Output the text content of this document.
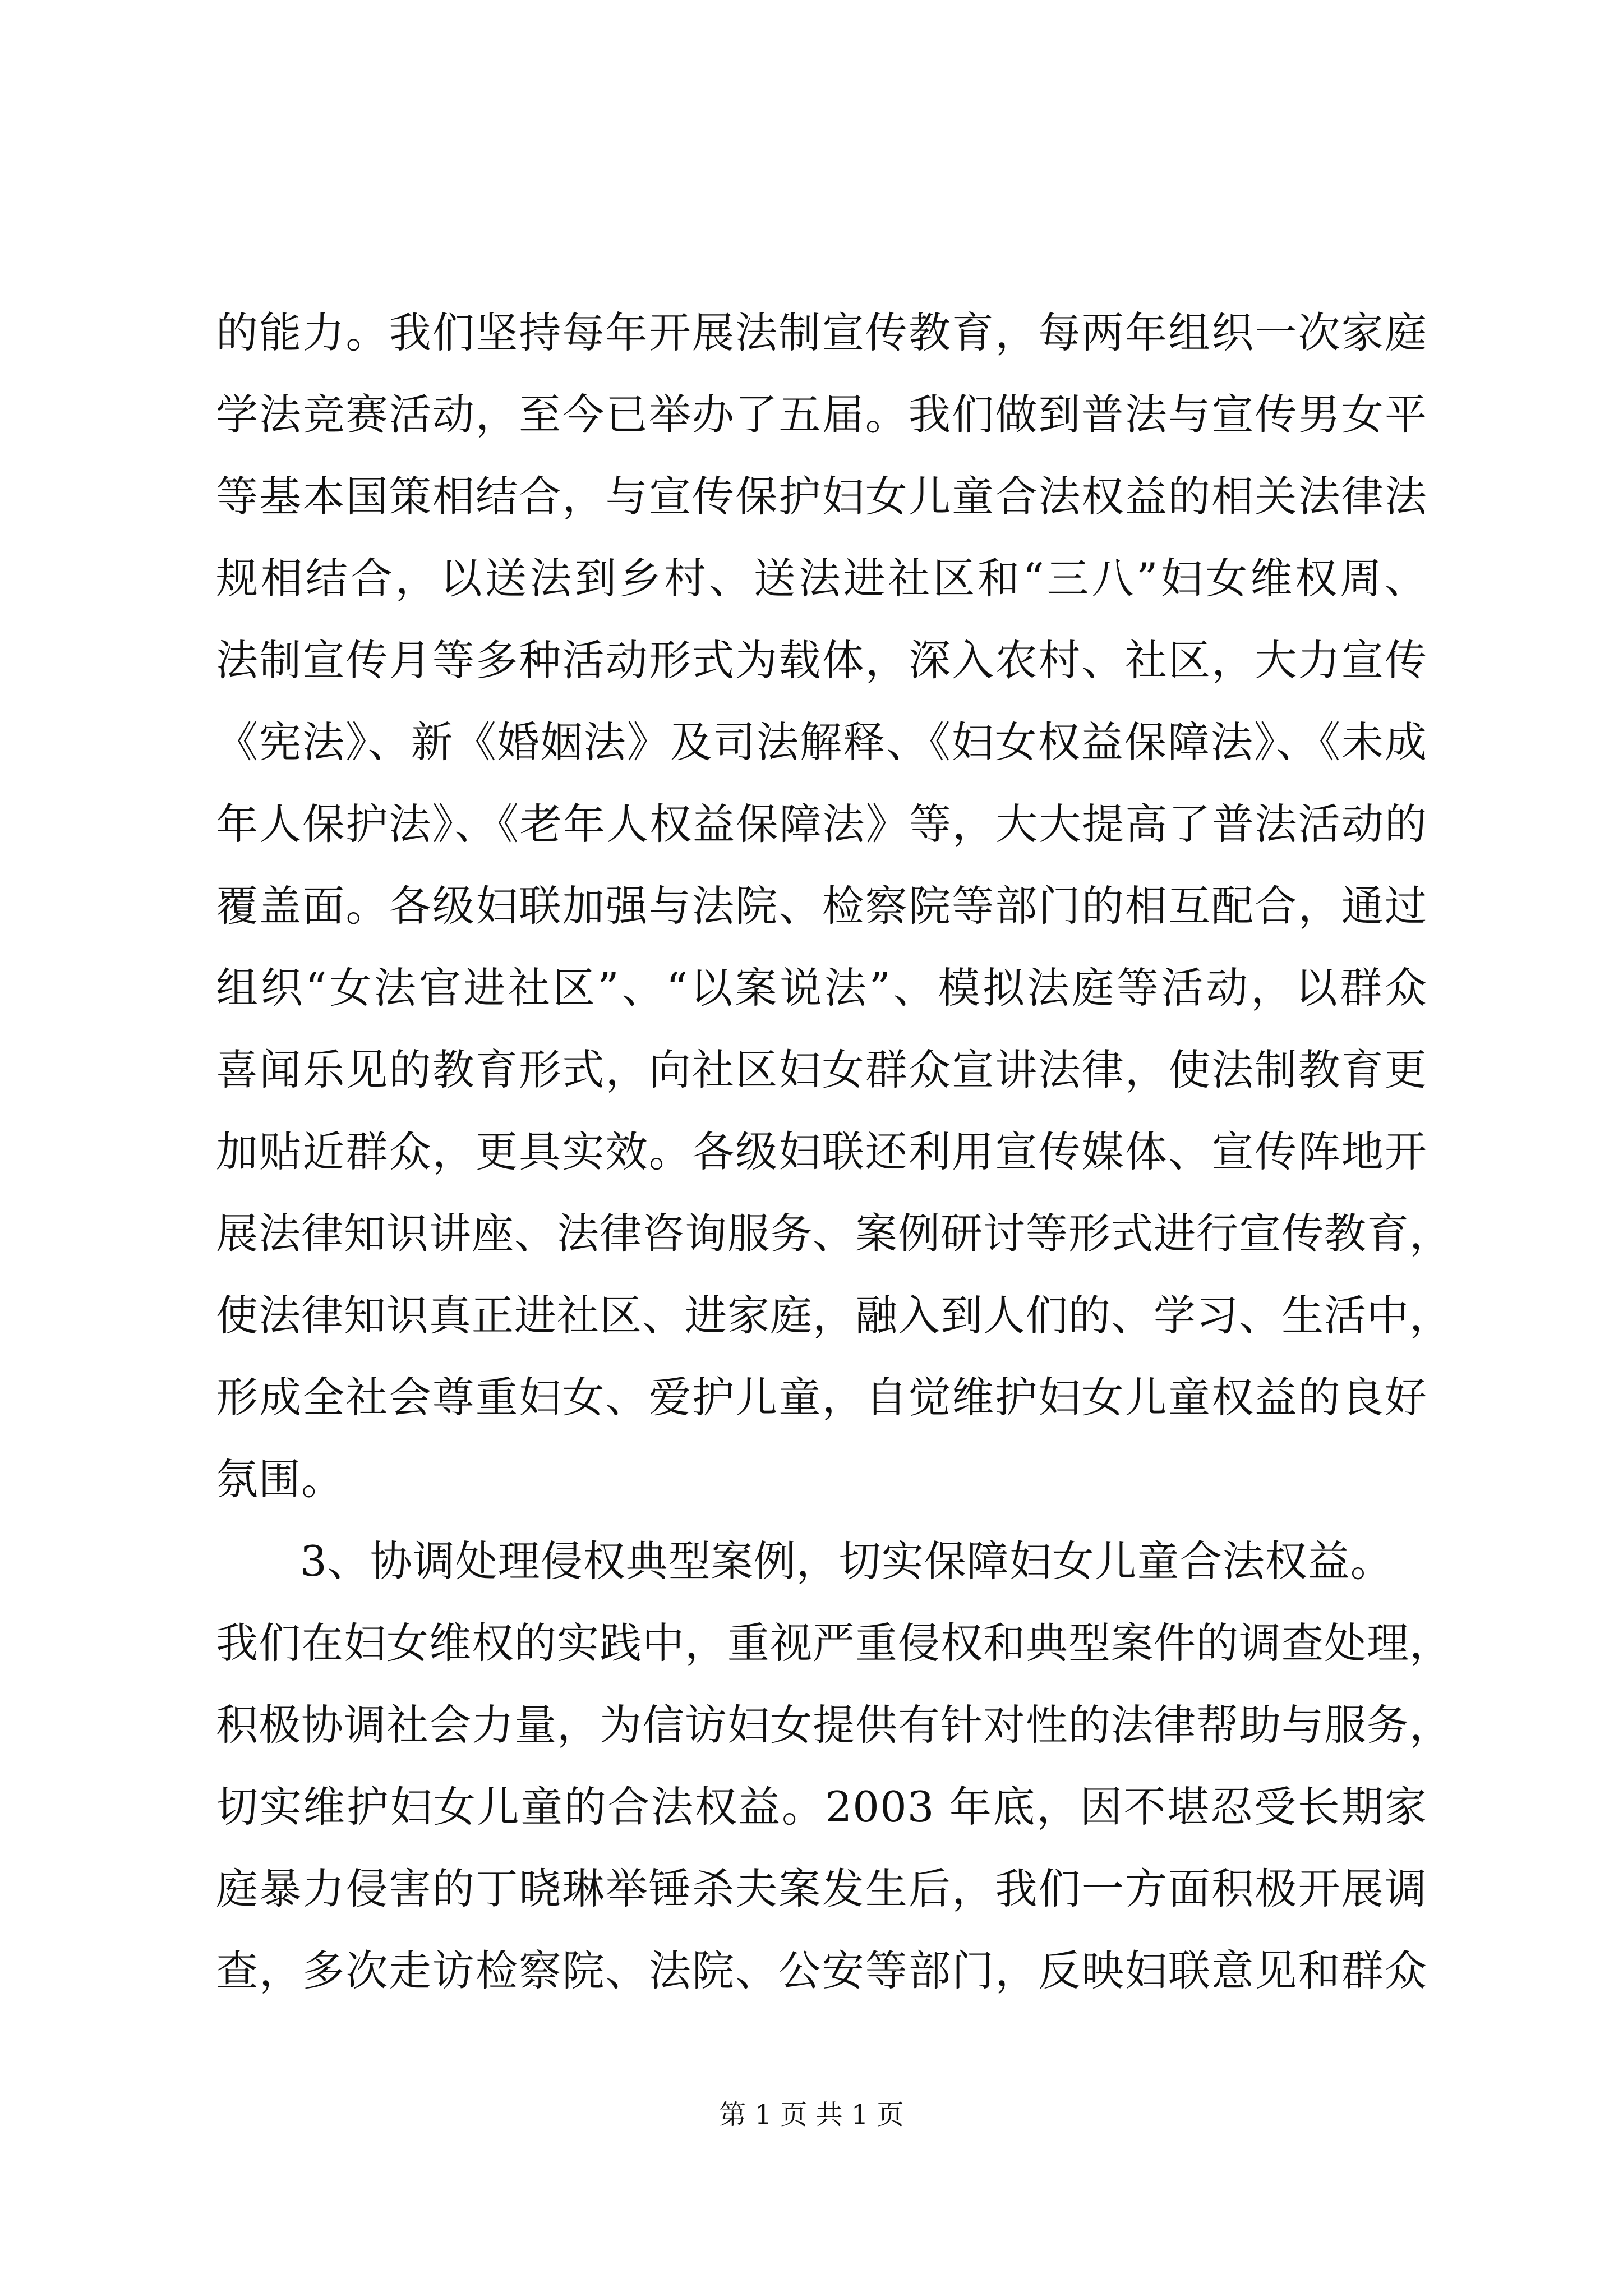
的能力。我们坚持每年开展法制宣传教育，每两年组织一次家庭
学法竞赛活动，至今已举办了五届。我们做到普法与宣传男女平
等基本国策相结合，与宣传保护妇女儿童合法权益的相关法律法
规相结合，以送法到乡村、送法进社区和“三八”妇女维权周、
法制宣传月等多种活动形式为载体，深入农村、社区，大力宣传
《宪法》、新《婚姻法》及司法解释、《妇女权益保障法》、《未成
年人保护法》、《老年人权益保障法》等，大大提高了普法活动的
覆盖面。各级妇联加强与法院、检察院等部门的相互配合，通过
组织“女法官进社区”、“以案说法”、模拟法庭等活动，以群众
喜闻乐见的教育形式，向社区妇女群众宣讲法律，使法制教育更
加贴近群众，更具实效。各级妇联还利用宣传媒体、宣传阵地开
展法律知识讲座、法律咨询服务、案例研讨等形式进行宣传教育，
使法律知识真正进社区、进家庭，融入到人们的、学习、生活中，
形成全社会尊重妇女、爱护儿童，自觉维护妇女儿童权益的良好
氛围。
3、协调处理侵权典型案例，切实保障妇女儿童合法权益。
我们在妇女维权的实践中，重视严重侵权和典型案件的调查处理，
积极协调社会力量，为信访妇女提供有针对性的法律帮助与服务，
切实维护妇女儿童的合法权益。2003 年底，因不堪忍受长期家
庭暴力侵害的丁晓琳举锤杀夫案发生后，我们一方面积极开展调
查，多次走访检察院、法院、公安等部门，反映妇联意见和群众
第 1 页 共 1 页
